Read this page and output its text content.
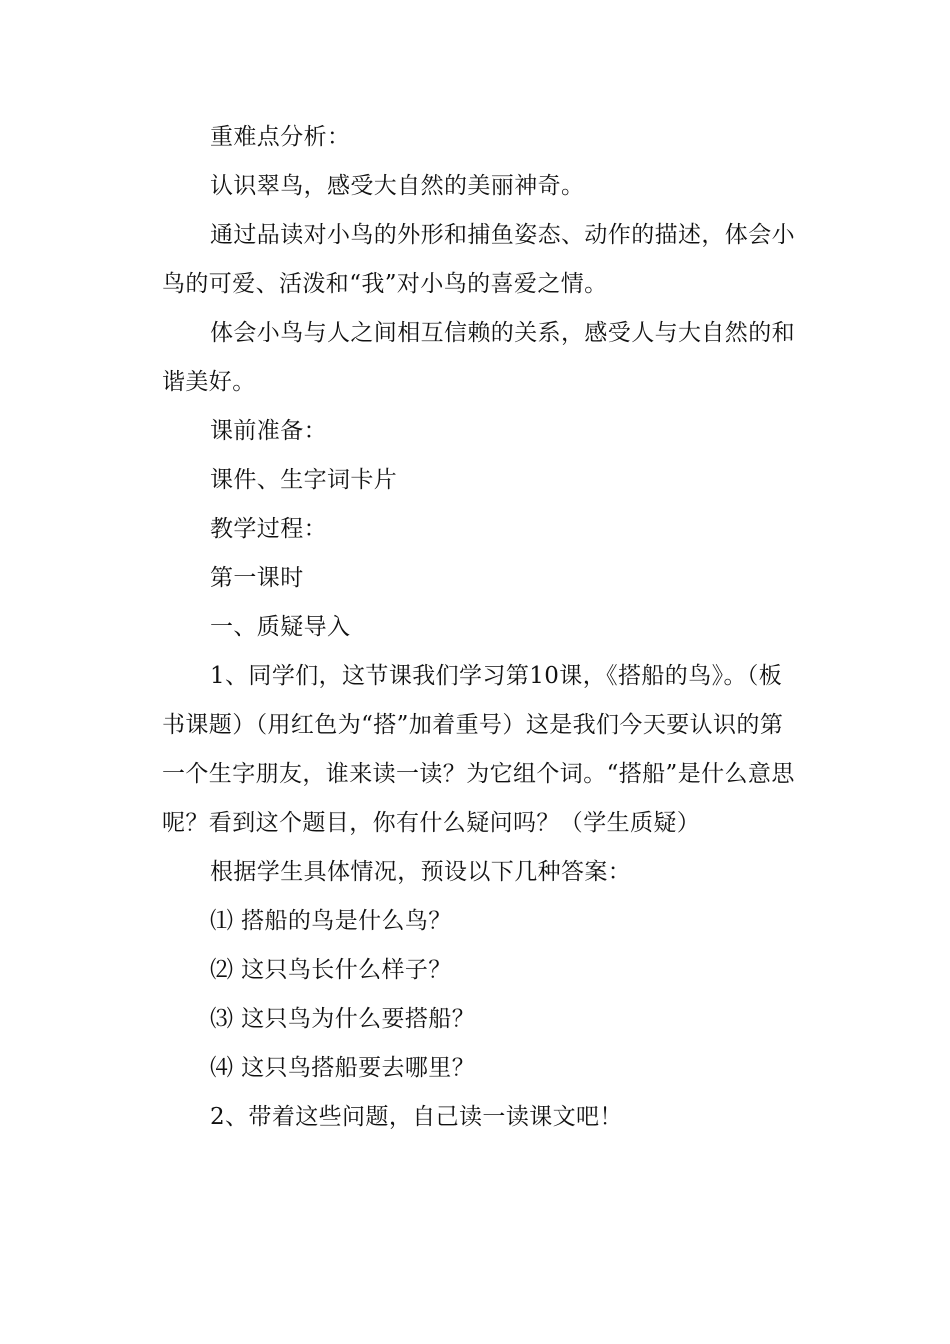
重难点分析：

认识翠鸟，感受大自然的美丽神奇。

通过品读对小鸟的外形和捕鱼姿态、动作的描述，体会小鸟的可爱、活泼和“我”对小鸟的喜爱之情。

体会小鸟与人之间相互信赖的关系，感受人与大自然的和谐美好。

课前准备：

课件、生字词卡片

教学过程：

第一课时

一、质疑导入

1、同学们，这节课我们学习第10课，《搭船的鸟》。（板书课题）（用红色为“搭”加着重号）这是我们今天要认识的第一个生字朋友，谁来读一读？为它组个词。“搭船”是什么意思呢？看到这个题目，你有什么疑问吗？（学生质疑）

根据学生具体情况，预设以下几种答案：

⑴ 搭船的鸟是什么鸟？

⑵ 这只鸟长什么样子？

⑶ 这只鸟为什么要搭船？

⑷ 这只鸟搭船要去哪里？

2、带着这些问题，自己读一读课文吧！
